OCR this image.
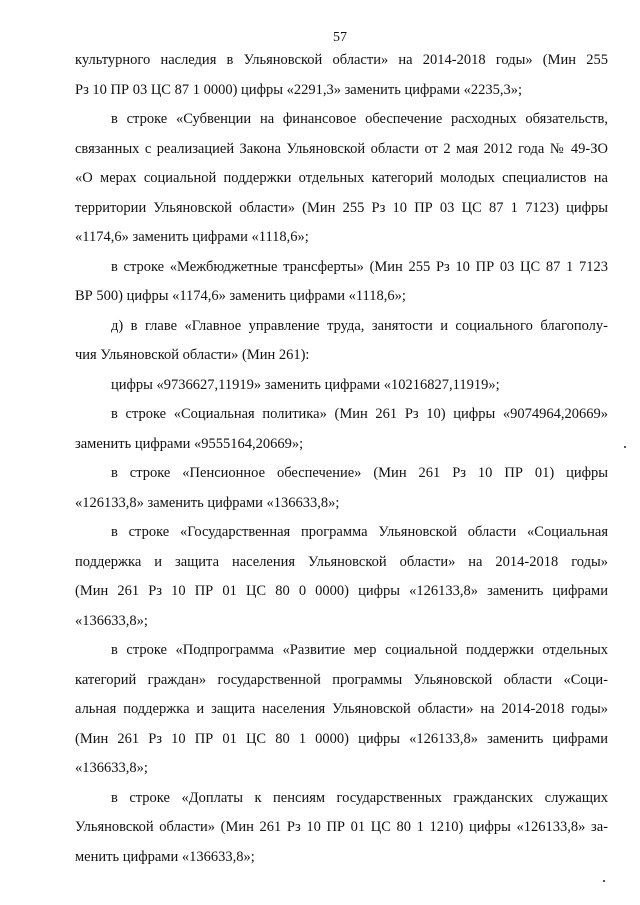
57
культурного наследия в Ульяновской области» на 2014-2018 годы» (Мин 255
Рз 10 ПР 03 ЦС 87 1 0000) цифры «2291,3» заменить цифрами «2235,3»;
в строке «Субвенции на финансовое обеспечение расходных обязательств,
связанных с реализацией Закона Ульяновской области от 2 мая 2012 года № 49-ЗО
«О мерах социальной поддержки отдельных категорий молодых специалистов на
территории Ульяновской области» (Мин 255 Рз 10 ПР 03 ЦС 87 1 7123) цифры
«1174,6» заменить цифрами «1118,6»;
в строке «Межбюджетные трансферты» (Мин 255 Рз 10 ПР 03 ЦС 87 1 7123
ВР 500) цифры «1174,6» заменить цифрами «1118,6»;
д) в главе «Главное управление труда, занятости и социального благополу-
чия Ульяновской области» (Мин 261):
цифры «9736627,11919» заменить цифрами «10216827,11919»;
в строке «Социальная политика» (Мин 261 Рз 10) цифры «9074964,20669»
заменить цифрами «9555164,20669»;
в строке «Пенсионное обеспечение» (Мин 261 Рз 10 ПР 01) цифры
«126133,8» заменить цифрами «136633,8»;
в строке «Государственная программа Ульяновской области «Социальная
поддержка и защита населения Ульяновской области» на 2014-2018 годы»
(Мин 261 Рз 10 ПР 01 ЦС 80 0 0000) цифры «126133,8» заменить цифрами
«136633,8»;
в строке «Подпрограмма «Развитие мер социальной поддержки отдельных
категорий граждан» государственной программы Ульяновской области «Соци-
альная поддержка и защита населения Ульяновской области» на 2014-2018 годы»
(Мин 261 Рз 10 ПР 01 ЦС 80 1 0000) цифры «126133,8» заменить цифрами
«136633,8»;
в строке «Доплаты к пенсиям государственных гражданских служащих
Ульяновской области» (Мин 261 Рз 10 ПР 01 ЦС 80 1 1210) цифры «126133,8» за-
менить цифрами «136633,8»;
